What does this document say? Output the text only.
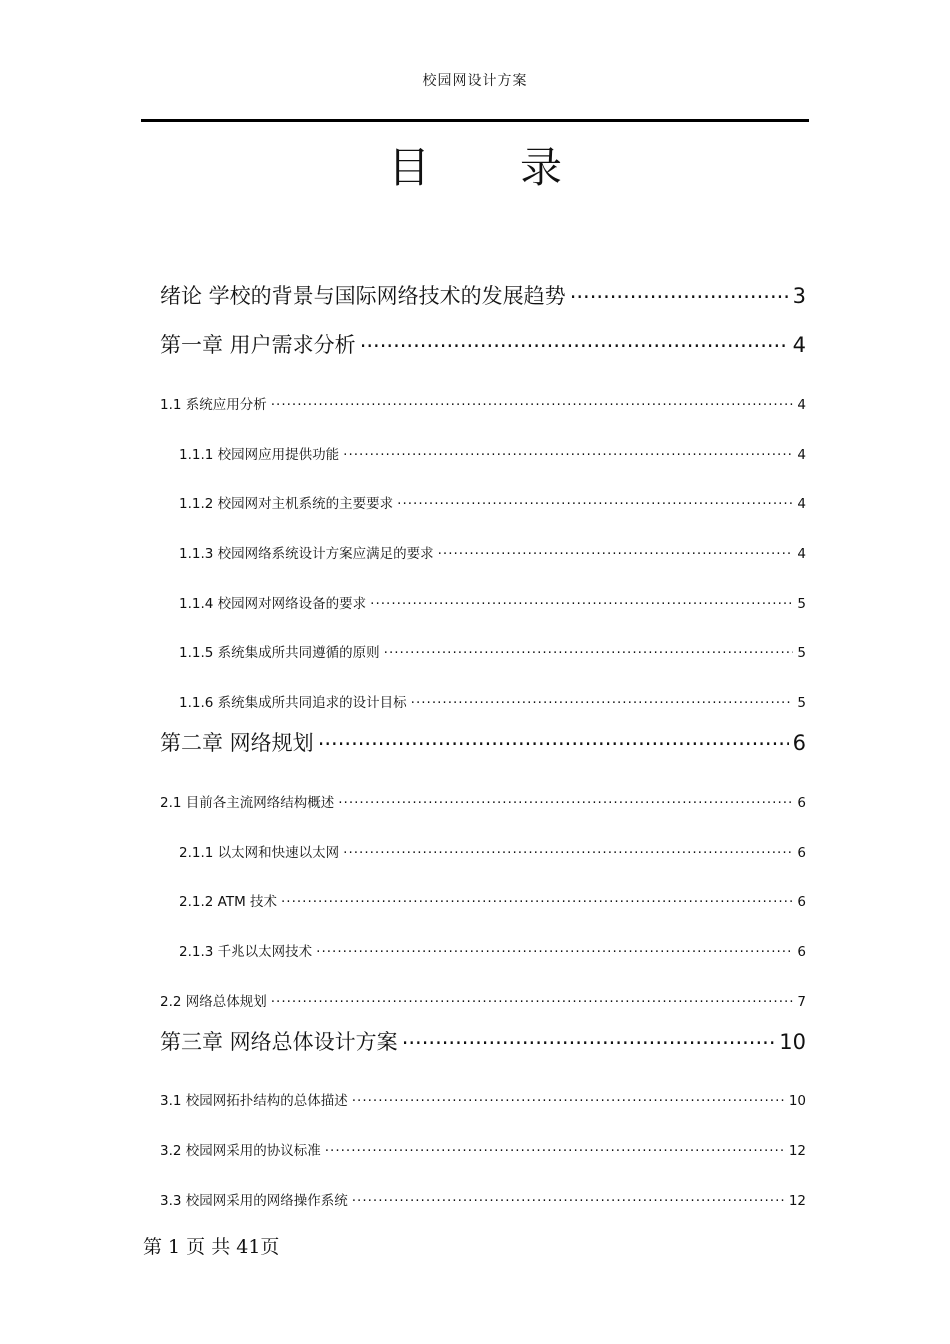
校园网设计方案
目 录
绪论 学校的背景与国际网络技术的发展趋势 .....	3
第一章 用户需求分析 .....	4
1.1 系统应用分析 .....	4
1.1.1 校园网应用提供功能 .....	4
1.1.2 校园网对主机系统的主要要求 .....	4
1.1.3 校园网络系统设计方案应满足的要求 .....	4
1.1.4 校园网对网络设备的要求 .....	5
1.1.5 系统集成所共同遵循的原则 .....	5
1.1.6 系统集成所共同追求的设计目标 .....	5
第二章 网络规划 .....	6
2.1 目前各主流网络结构概述 .....	6
2.1.1 以太网和快速以太网 .....	6
2.1.2 ATM 技术 .....	6
2.1.3 千兆以太网技术 .....	6
2.2 网络总体规划 .....	7
第三章 网络总体设计方案 .....	10
3.1 校园网拓扑结构的总体描述 .....	10
3.2 校园网采用的协议标准 .....	12
3.3 校园网采用的网络操作系统 .....	12
第 1 页 共 41页
